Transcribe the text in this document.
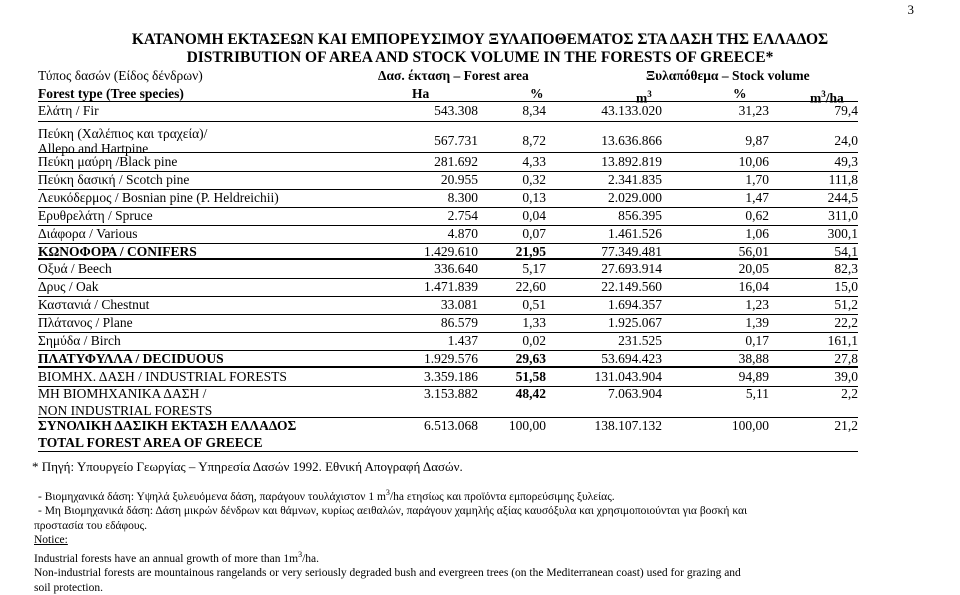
3
ΚΑΤΑΝΟΜΗ ΕΚΤΑΣΕΩΝ ΚΑΙ ΕΜΠΟΡΕΥΣΙΜΟΥ ΞΥΛΑΠΟΘΕΜΑΤΟΣ ΣΤΑ ΔΑΣΗ ΤΗΣ ΕΛΛΑΔΟΣ
DISTRIBUTION OF AREA AND STOCK VOLUME IN THE FORESTS OF GREECE*
Τύπος δασών (Είδος δένδρων)
Forest type (Tree species)
Δασ. έκταση – Forest area
Ha	%
Ξυλαπόθεμα – Stock volume
$m^3$	%	$m^3/ha$
Ελάτη / Fir	543.308	8,34	43.133.020	31,23	79,4
Πεύκη (Χαλέπιος και τραχεία)/
Allepo and Hartpine
567.731	8,72	13.636.866	9,87	24,0
Πεύκη μαύρη /Black pine	281.692	4,33	13.892.819	10,06	49,3
Πεύκη δασική / Scotch pine	20.955	0,32	2.341.835	1,70	111,8
Λευκόδερμος / Bosnian pine (P. Heldreichii)	8.300	0,13	2.029.000	1,47	244,5
Ερυθρελάτη / Spruce	2.754	0,04	856.395	0,62	311,0
Διάφορα / Various	4.870	0,07	1.461.526	1,06	300,1
ΚΩΝΟΦΟΡΑ / CONIFERS	1.429.610	21,95	77.349.481	56,01	54,1
Οξυά / Beech	336.640	5,17	27.693.914	20,05	82,3
Δρυς / Oak	1.471.839	22,60	22.149.560	16,04	15,0
Καστανιά / Chestnut	33.081	0,51	1.694.357	1,23	51,2
Πλάτανος / Plane	86.579	1,33	1.925.067	1,39	22,2
Σημύδα / Birch	1.437	0,02	231.525	0,17	161,1
ΠΛΑΤΥΦΥΛΛΑ / DECIDUOUS	1.929.576	29,63	53.694.423	38,88	27,8
ΒΙΟΜΗΧ. ΔΑΣΗ / INDUSTRIAL FORESTS	3.359.186	51,58	131.043.904	94,89	39,0
ΜΗ ΒΙΟΜΗΧΑΝΙΚΑ ΔΑΣΗ /
NON INDUSTRIAL FORESTS
3.153.882	48,42	7.063.904	5,11	2,2
ΣΥΝΟΛΙΚΗ ΔΑΣΙΚΗ ΕΚΤΑΣΗ ΕΛΛΑΔΟΣ
TOTAL FOREST AREA OF GREECE
6.513.068 100,00	138.107.132	100,00	21,2
* Πηγή: Υπουργείο Γεωργίας – Υπηρεσία Δασών 1992. Εθνική Απογραφή Δασών.
- Βιομηχανικά δάση: Υψηλά ξυλευόμενα δάση, παράγουν τουλάχιστον 1 $m^3/ha$ ετησίως και προϊόντα εμπορεύσιμης ξυλείας.
- Μη Βιομηχανικά δάση: Δάση μικρών δένδρων και θάμνων, κυρίως αειθαλών, παράγουν χαμηλής αξίας καυσόξυλα και χρησιμοποιούνται για βοσκή και
προστασία του εδάφους.
Notice:
Industrial forests have an annual growth of more than $1m^3/ha$.
Non-industrial forests are mountainous rangelands or very seriously degraded bush and evergreen trees (on the Mediterranean coast) used for grazing and
soil protection.
